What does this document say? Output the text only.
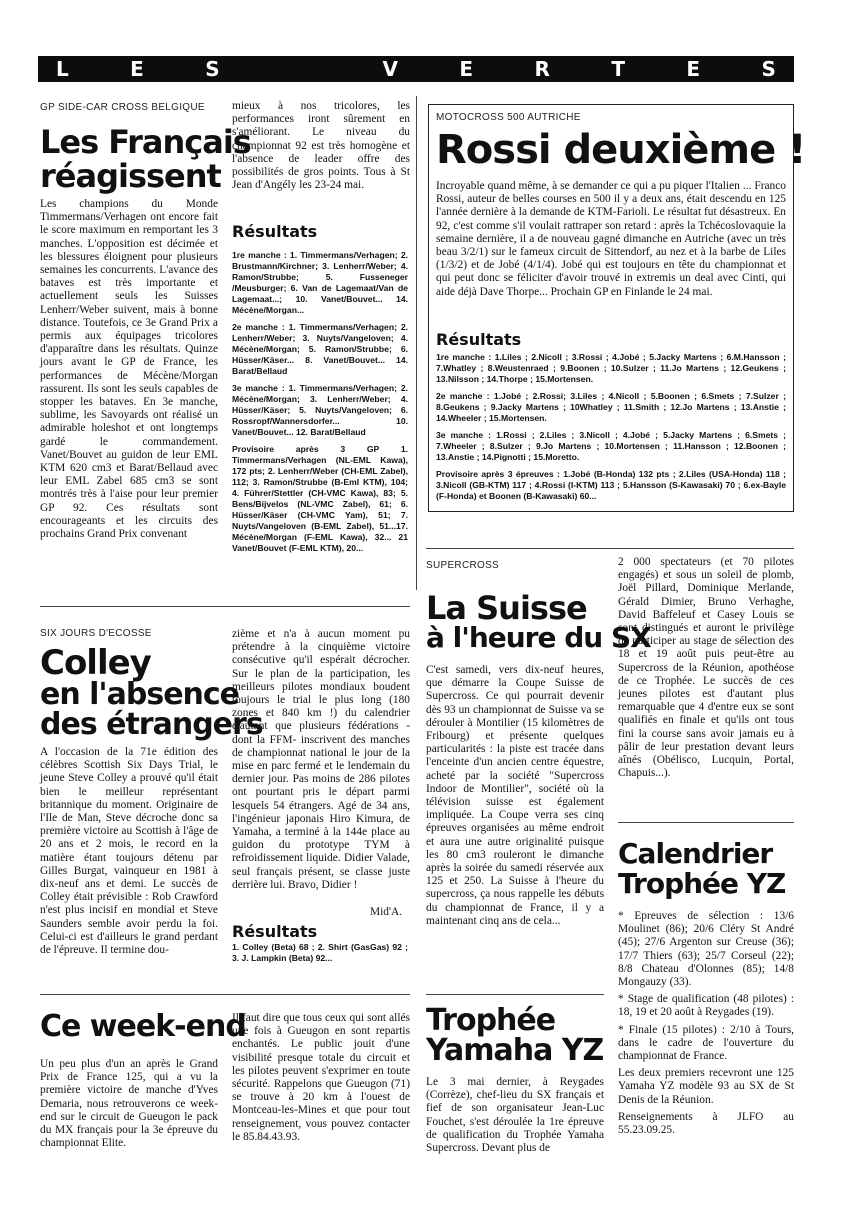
L	E	S	V	E	R	T	E	S
GP SIDE-CAR CROSS BELGIQUE
Les Français
réagissent
Les champions du Monde Timmermans/Verhagen ont encore fait le score maximum en remportant les 3 manches. L'opposition est décimée et les blessures éloignent pour plusieurs semaines les concurrents. L'avance des bataves est très importante et actuellement seuls les Suisses Lenherr/Weber suivent, mais à bonne distance. Toutefois, ce 3e Grand Prix a permis aux équipages tricolores d'apparaître dans les résultats. Quinze jours avant le GP de France, les performances de Mécène/Morgan rassurent. Ils sont les seuls capables de stopper les bataves. En 3e manche, sublime, les Savoyards ont réalisé un admirable holeshot et ont longtemps gardé le commandement. Vanet/Bouvet au guidon de leur EML KTM 620 cm3 et Barat/Bellaud avec leur EML Zabel 685 cm3 se sont montrés très à l'aise pour leur premier GP 92. Ces résultats sont encourageants et les circuits des prochains Grand Prix convenant
mieux à nos tricolores, les performances iront sûrement en s'améliorant. Le niveau du championnat 92 est très homogène et l'absence de leader offre des possibilités de gros points. Tous à St Jean d'Angély les 23-24 mai.
Résultats

1re manche : 1. Timmermans/Verhagen; 2. Brustmann/Kirchner; 3. Lenherr/Weber; 4. Ramon/Strubbe; 5. Fusseneger /Meusburger; 6. Van de Lagemaat/Van de Lagemaat...; 10. Vanet/Bouvet... 14. Mécène/Morgan...

2e manche : 1. Timmermans/Verhagen; 2. Lenherr/Weber; 3. Nuyts/Vangeloven; 4. Mécène/Morgan; 5. Ramon/Strubbe; 6. Hüsser/Käser... 8. Vanet/Bouvet... 14. Barat/Bellaud

3e manche : 1. Timmermans/Verhagen; 2. Mécène/Morgan; 3. Lenherr/Weber; 4. Hüsser/Käser; 5. Nuyts/Vangeloven; 6. Rossropf/Wannersdorfer... 10. Vanet/Bouvet... 12. Barat/Bellaud

Provisoire après 3 GP 1. Timmermans/Verhagen (NL-EML Kawa), 172 pts; 2. Lenherr/Weber (CH-EML Zabel), 112; 3. Ramon/Strubbe (B-Eml KTM), 104; 4. Führer/Stettler (CH-VMC Kawa), 83; 5. Bens/Bijvelos (NL-VMC Zabel), 61; 6. Hüsser/Käser (CH-VMC Yam), 51; 7. Nuyts/Vangeloven (B-EML Zabel), 51...17. Mécène/Morgan (F-EML Kawa), 32... 21 Vanet/Bouvet (F-EML KTM), 20...

MOTOCROSS 500 AUTRICHE
Rossi deuxième !
Incroyable quand même, à se demander ce qui a pu piquer l'Italien ... Franco Rossi, auteur de belles courses en 500 il y a deux ans, était descendu en 125 l'année dernière à la demande de KTM-Farioli. Le résultat fut désastreux. En 92, c'est comme s'il voulait rattraper son retard : après la Tchécoslovaquie la semaine dernière, il a de nouveau gagné dimanche en Autriche (avec un très beau 3/2/1) sur le fameux circuit de Sittendorf, au nez et à la barbe de Liles (1/3/2) et de Jobé (4/1/4). Jobé qui est toujours en tête du championnat et qui peut donc se féliciter d'avoir trouvé in extremis un deal avec Cinti, qui aide déjà Dave Thorpe... Prochain GP en Finlande le 24 mai.
Résultats

1re manche : 1.Liles ; 2.Nicoll ; 3.Rossi ; 4.Jobé ; 5.Jacky Martens ; 6.M.Hansson ; 7.Whatley ; 8.Weustenraed ; 9.Boonen ; 10.Sulzer ; 11.Jo Martens ; 12.Geukens ; 13.Nilsson ; 14.Thorpe ; 15.Mortensen.

2e manche : 1.Jobé ; 2.Rossi; 3.Liles ; 4.Nicoll ; 5.Boonen ; 6.Smets ; 7.Sulzer ; 8.Geukens ; 9.Jacky Martens ; 10Whatley ; 11.Smith ; 12.Jo Martens ; 13.Anstie ; 14.Wheeler ; 15.Mortensen.

3e manche : 1.Rossi ; 2.Liles ; 3.Nicoll ; 4.Jobé ; 5.Jacky Martens ; 6.Smets ; 7.Wheeler ; 8.Sulzer ; 9.Jo Martens ; 10.Mortensen ; 11.Hansson ; 12.Boonen ; 13.Anstie ; 14.Pignotti ; 15.Moretto.

Provisoire après 3 épreuves : 1.Jobé (B-Honda) 132 pts ; 2.Liles (USA-Honda) 118 ; 3.Nicoll (GB-KTM) 117 ; 4.Rossi (I-KTM) 113 ; 5.Hansson (S-Kawasaki) 70 ; 6.ex-Bayle (F-Honda) et Boonen (B-Kawasaki) 60...

SIX JOURS D'ECOSSE
Colley
en l'absence
des étrangers
A l'occasion de la 71e édition des célèbres Scottish Six Days Trial, le jeune Steve Colley a prouvé qu'il était bien le meilleur représentant britannique du moment. Originaire de l'Ile de Man, Steve décroche donc sa première victoire au Scottish à l'âge de 20 ans et 2 mois, le record en la matière étant toujours détenu par Gilles Burgat, vainqueur en 1981 à dix-neuf ans et demi. Le succès de Colley était prévisible : Rob Crawford n'est plus incisif en mondial et Steve Saunders semble avoir perdu la foi. Celui-ci est d'ailleurs le grand perdant de l'épreuve. Il termine dou-
zième et n'a à aucun moment pu prétendre à la cinquième victoire consécutive qu'il espérait décrocher. Sur le plan de la participation, les meilleurs pilotes mondiaux boudent toujours le trial le plus long (180 zones et 840 km !) du calendrier d'autant que plusieurs fédérations -dont la FFM- inscrivent des manches de championnat national le jour de la mise en parc fermé et le lendemain du dernier jour. Pas moins de 286 pilotes ont pourtant pris le départ parmi lesquels 54 étrangers. Agé de 34 ans, l'ingénieur japonais Hiro Kimura, de Yamaha, a terminé à la 144e place au guidon du prototype TYM à refroidissement liquide. Didier Valade, seul français présent, se classe juste derrière lui. Bravo, Didier !
Mid'A.
Résultats
1. Colley (Beta) 68 ; 2. Shirt (GasGas) 92 ; 3. J. Lampkin (Beta) 92...
SUPERCROSS
La Suisse
à l'heure du SX
C'est samedi, vers dix-neuf heures, que démarre la Coupe Suisse de Supercross. Ce qui pourrait devenir dès 93 un championnat de Suisse va se dérouler à Montilier (15 kilomètres de Fribourg) et présente quelques particularités : la piste est tracée dans l'enceinte d'un ancien centre équestre, acheté par la société "Supercross Indoor de Montilier", société où la télévision suisse est également impliquée. La Coupe verra ses cinq épreuves organisées au même endroit et aura une autre originalité puisque les 80 cm3 rouleront le dimanche après la soirée du samedi réservée aux 125 et 250. La Suisse à l'heure du supercross, ça nous rappelle les débuts du championnat de France, il y a maintenant cinq ans de cela...
2 000 spectateurs (et 70 pilotes engagés) et sous un soleil de plomb, Joël Pillard, Dominique Merlande, Gérald Dimier, Bruno Verhaghe, David Baffeleuf et Casey Louis se sont distingués et auront le privilège de participer au stage de sélection des 18 et 19 août puis peut-être au Supercross de la Réunion, apothéose de ce Trophée. Le succès de ces jeunes pilotes est d'autant plus remarquable que 4 d'entre eux se sont qualifiés en finale et qu'ils ont tous fini la course sans avoir jamais eu à pâlir de leur prestation devant leurs aînés (Obélisco, Lucquin, Portal, Chapuis...).
Calendrier
Trophée YZ
* Epreuves de sélection : 13/6 Moulinet (86); 20/6 Cléry St André (45); 27/6 Argenton sur Creuse (36); 17/7 Thiers (63); 25/7 Corseul (22); 8/8 Chateau d'Olonnes (85); 14/8 Mongauzy (33).
* Stage de qualification (48 pilotes) : 18, 19 et 20 août à Reygades (19).
* Finale (15 pilotes) : 2/10 à Tours, dans le cadre de l'ouverture du championnat de France.
Les deux premiers recevront une 125 Yamaha YZ modèle 93 au SX de St Denis de la Réunion.
Renseignements à JLFO au 55.23.09.25.
Ce week-end
Un peu plus d'un an après le Grand Prix de France 125, qui a vu la première victoire de manche d'Yves Demaria, nous retrouverons ce week-end sur le circuit de Gueugon le pack du MX français pour la 3e épreuve du championnat Elite.
Il faut dire que tous ceux qui sont allés une fois à Gueugon en sont repartis enchantés. Le public jouit d'une visibilité presque totale du circuit et les pilotes peuvent s'exprimer en toute sécurité. Rappelons que Gueugon (71) se trouve à 20 km à l'ouest de Montceau-les-Mines et que pour tout renseignement, vous pouvez contacter le 85.84.43.93.
Trophée
Yamaha YZ
Le 3 mai dernier, à Reygades (Corrèze), chef-lieu du SX français et fief de son organisateur Jean-Luc Fouchet, s'est déroulée la 1re épreuve de qualification du Trophée Yamaha Supercross. Devant plus de
